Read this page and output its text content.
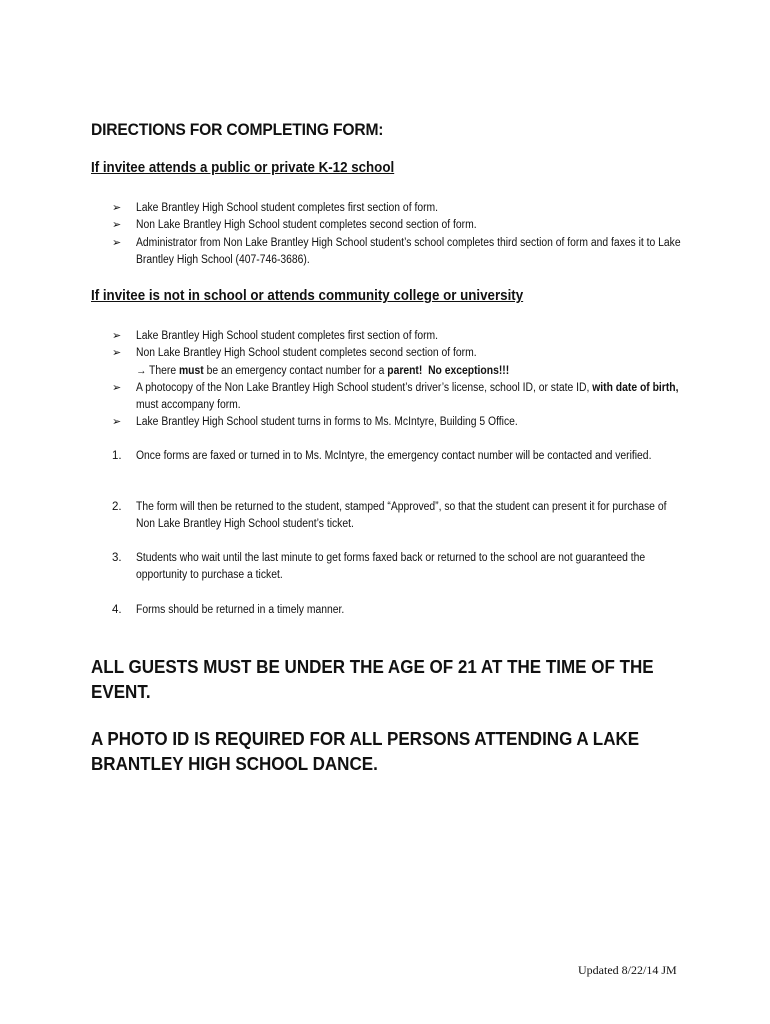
DIRECTIONS FOR COMPLETING FORM:
If invitee attends a public or private K-12 school
➢ Lake Brantley High School student completes first section of form.
➢ Non Lake Brantley High School student completes second section of form.
➢ Administrator from Non Lake Brantley High School student’s school completes third section of form and faxes it to Lake Brantley High School (407-746-3686).
If invitee is not in school or attends community college or university
➢ Lake Brantley High School student completes first section of form.
➢ Non Lake Brantley High School student completes second section of form.
→ There must be an emergency contact number for a parent! No exceptions!!!
➢ A photocopy of the Non Lake Brantley High School student’s driver’s license, school ID, or state ID, with date of birth, must accompany form.
➢ Lake Brantley High School student turns in forms to Ms. McIntyre, Building 5 Office.
1. Once forms are faxed or turned in to Ms. McIntyre, the emergency contact number will be contacted and verified.
2. The form will then be returned to the student, stamped “Approved”, so that the student can present it for purchase of Non Lake Brantley High School student’s ticket.
3. Students who wait until the last minute to get forms faxed back or returned to the school are not guaranteed the opportunity to purchase a ticket.
4. Forms should be returned in a timely manner.
ALL GUESTS MUST BE UNDER THE AGE OF 21 AT THE TIME OF THE EVENT.
A PHOTO ID IS REQUIRED FOR ALL PERSONS ATTENDING A LAKE BRANTLEY HIGH SCHOOL DANCE.
Updated 8/22/14 JM
